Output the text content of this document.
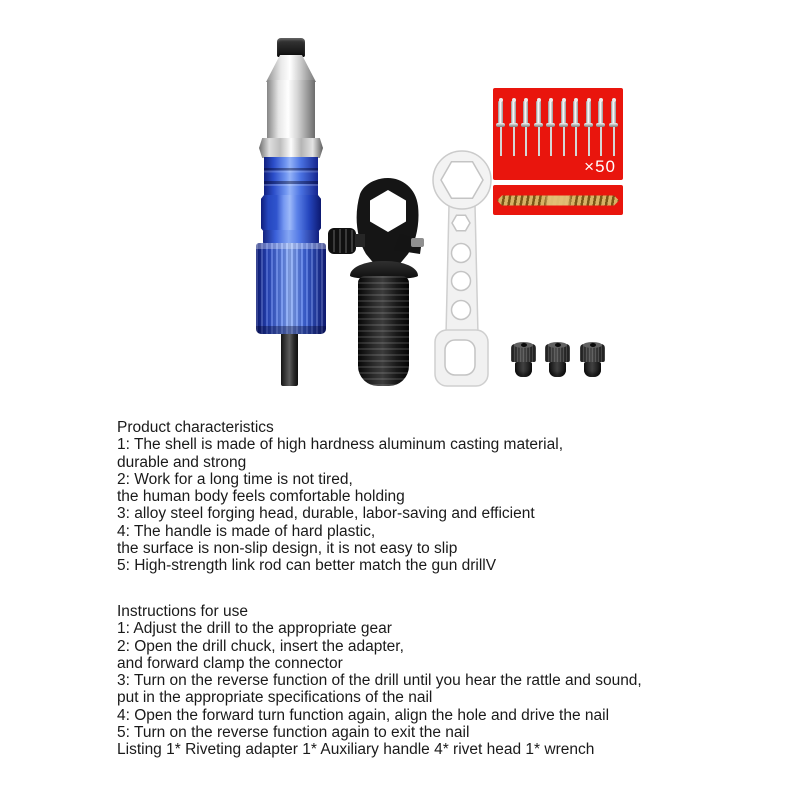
×50
Product characteristics
1: The shell is made of high hardness aluminum casting material,
durable and strong
2: Work for a long time is not tired,
the human body feels comfortable holding
3: alloy steel forging head, durable, labor-saving and efficient
4: The handle is made of hard plastic,
the surface is non-slip design, it is not easy to slip
5: High-strength link rod can better match the gun drillV
Instructions for use
1: Adjust the drill to the appropriate gear
2: Open the drill chuck, insert the adapter,
and forward clamp the connector
3: Turn on the reverse function of the drill until you hear the rattle and sound,
put in the appropriate specifications of the nail
4: Open the forward turn function again, align the hole and drive the nail
5: Turn on the reverse function again to exit the nail
Listing 1* Riveting adapter 1* Auxiliary handle 4* rivet head 1* wrench
